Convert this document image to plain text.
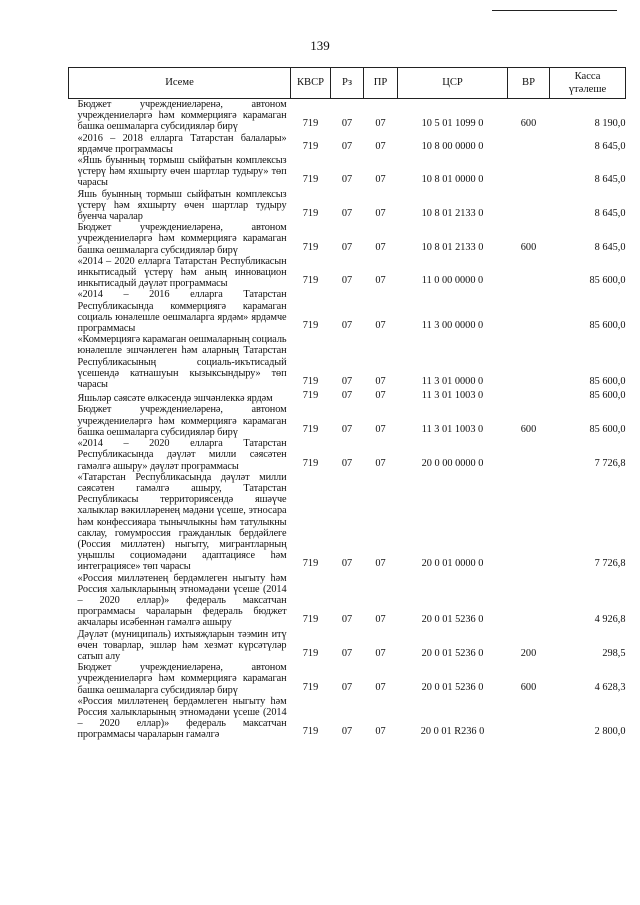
139
Исеме	КВСР	Рз	ПР	ЦСР	ВР	Касса
үтәлеше

Бюджет учреждениеләренә, автоном учреждениеләргә һәм коммерциягә карамаган башка оешмаларга субсидияләр бирү	719	07	07	10 5 01 1099 0	600	8 190,0
«2016 – 2018 елларга Татарстан балалары» ярдәмче программасы	719	07	07	10 8 00 0000 0		8 645,0
«Яшь буынның тормыш сыйфатын комплексыз үстерү һәм яхшырту өчен шартлар тудыру» төп чарасы	719	07	07	10 8 01 0000 0		8 645,0
Яшь буынның тормыш сыйфатын комплексыз үстерү һәм яхшырту өчен шартлар тудыру буенча чаралар	719	07	07	10 8 01 2133 0		8 645,0
Бюджет учреждениеләренә, автоном учреждениеләргә һәм коммерциягә карамаган башка оешмаларга субсидияләр бирү	719	07	07	10 8 01 2133 0	600	8 645,0
«2014 – 2020 елларга Татарстан Республикасын инкытисадый үстерү һәм аның инновацион инкытисадый дәүләт программасы	719	07	07	11 0 00 0000 0		85 600,0
«2014 – 2016 елларга Татарстан Республикасында коммерциягә карамаган социаль юнәлешле оешмаларга ярдәм» ярдәмче программасы	719	07	07	11 3 00 0000 0		85 600,0
«Коммерциягә карамаган оешмаларның социаль юнәлешле эшчәнлеген һәм аларның Татарстан Республикасының социаль-икътисадый үсешендә катнашуын кызыксындыру» төп чарасы	719	07	07	11 3 01 0000 0		85 600,0
Яшьләр сәясәте өлкәсендә эшчәнлеккә ярдәм	719	07	07	11 3 01 1003 0		85 600,0
Бюджет учреждениеләренә, автоном учреждениеләргә һәм коммерциягә карамаган башка оешмаларга субсидияләр бирү	719	07	07	11 3 01 1003 0	600	85 600,0
«2014 – 2020 елларга Татарстан Республикасында дәүләт милли сәясәтен гамәлгә ашыру» дәүләт программасы	719	07	07	20 0 00 0000 0		7 726,8
«Татарстан Республикасында дәүләт милли сәясәтен гамәлгә ашыру, Татарстан Республикасы территориясендә яшәүче халыклар вәкилләренең мәдәни үсеше, этносара һәм конфессияара тынычлыкны һәм татулыкны саклау, гомумроссия гражданлык бердәйлеге (Россия милләтен) ныгыту, мигрантларның уңышлы социомәдәни адаптациясе һәм интеграциясе» төп чарасы	719	07	07	20 0 01 0000 0		7 726,8
«Россия милләтенең бердәмлеген ныгыту һәм Россия халыкларының этномәдәни үсеше (2014 – 2020 еллар)» федераль максатчан программасы чараларын федераль бюджет акчалары исәбеннән гамәлгә ашыру	719	07	07	20 0 01 5236 0		4 926,8
Дәүләт (муниципаль) ихтыяҗларын тәэмин итү өчен товарлар, эшләр һәм хезмәт күрсәтүләр сатып алу	719	07	07	20 0 01 5236 0	200	298,5
Бюджет учреждениеләренә, автоном учреждениеләргә һәм коммерциягә карамаган башка оешмаларга субсидияләр бирү	719	07	07	20 0 01 5236 0	600	4 628,3
«Россия милләтенең бердәмлеген ныгыту һәм Россия халыкларының этномәдәни үсеше (2014 – 2020 еллар)» федераль максатчан программасы чараларын гамәлгә	719	07	07	20 0 01 R236 0		2 800,0
